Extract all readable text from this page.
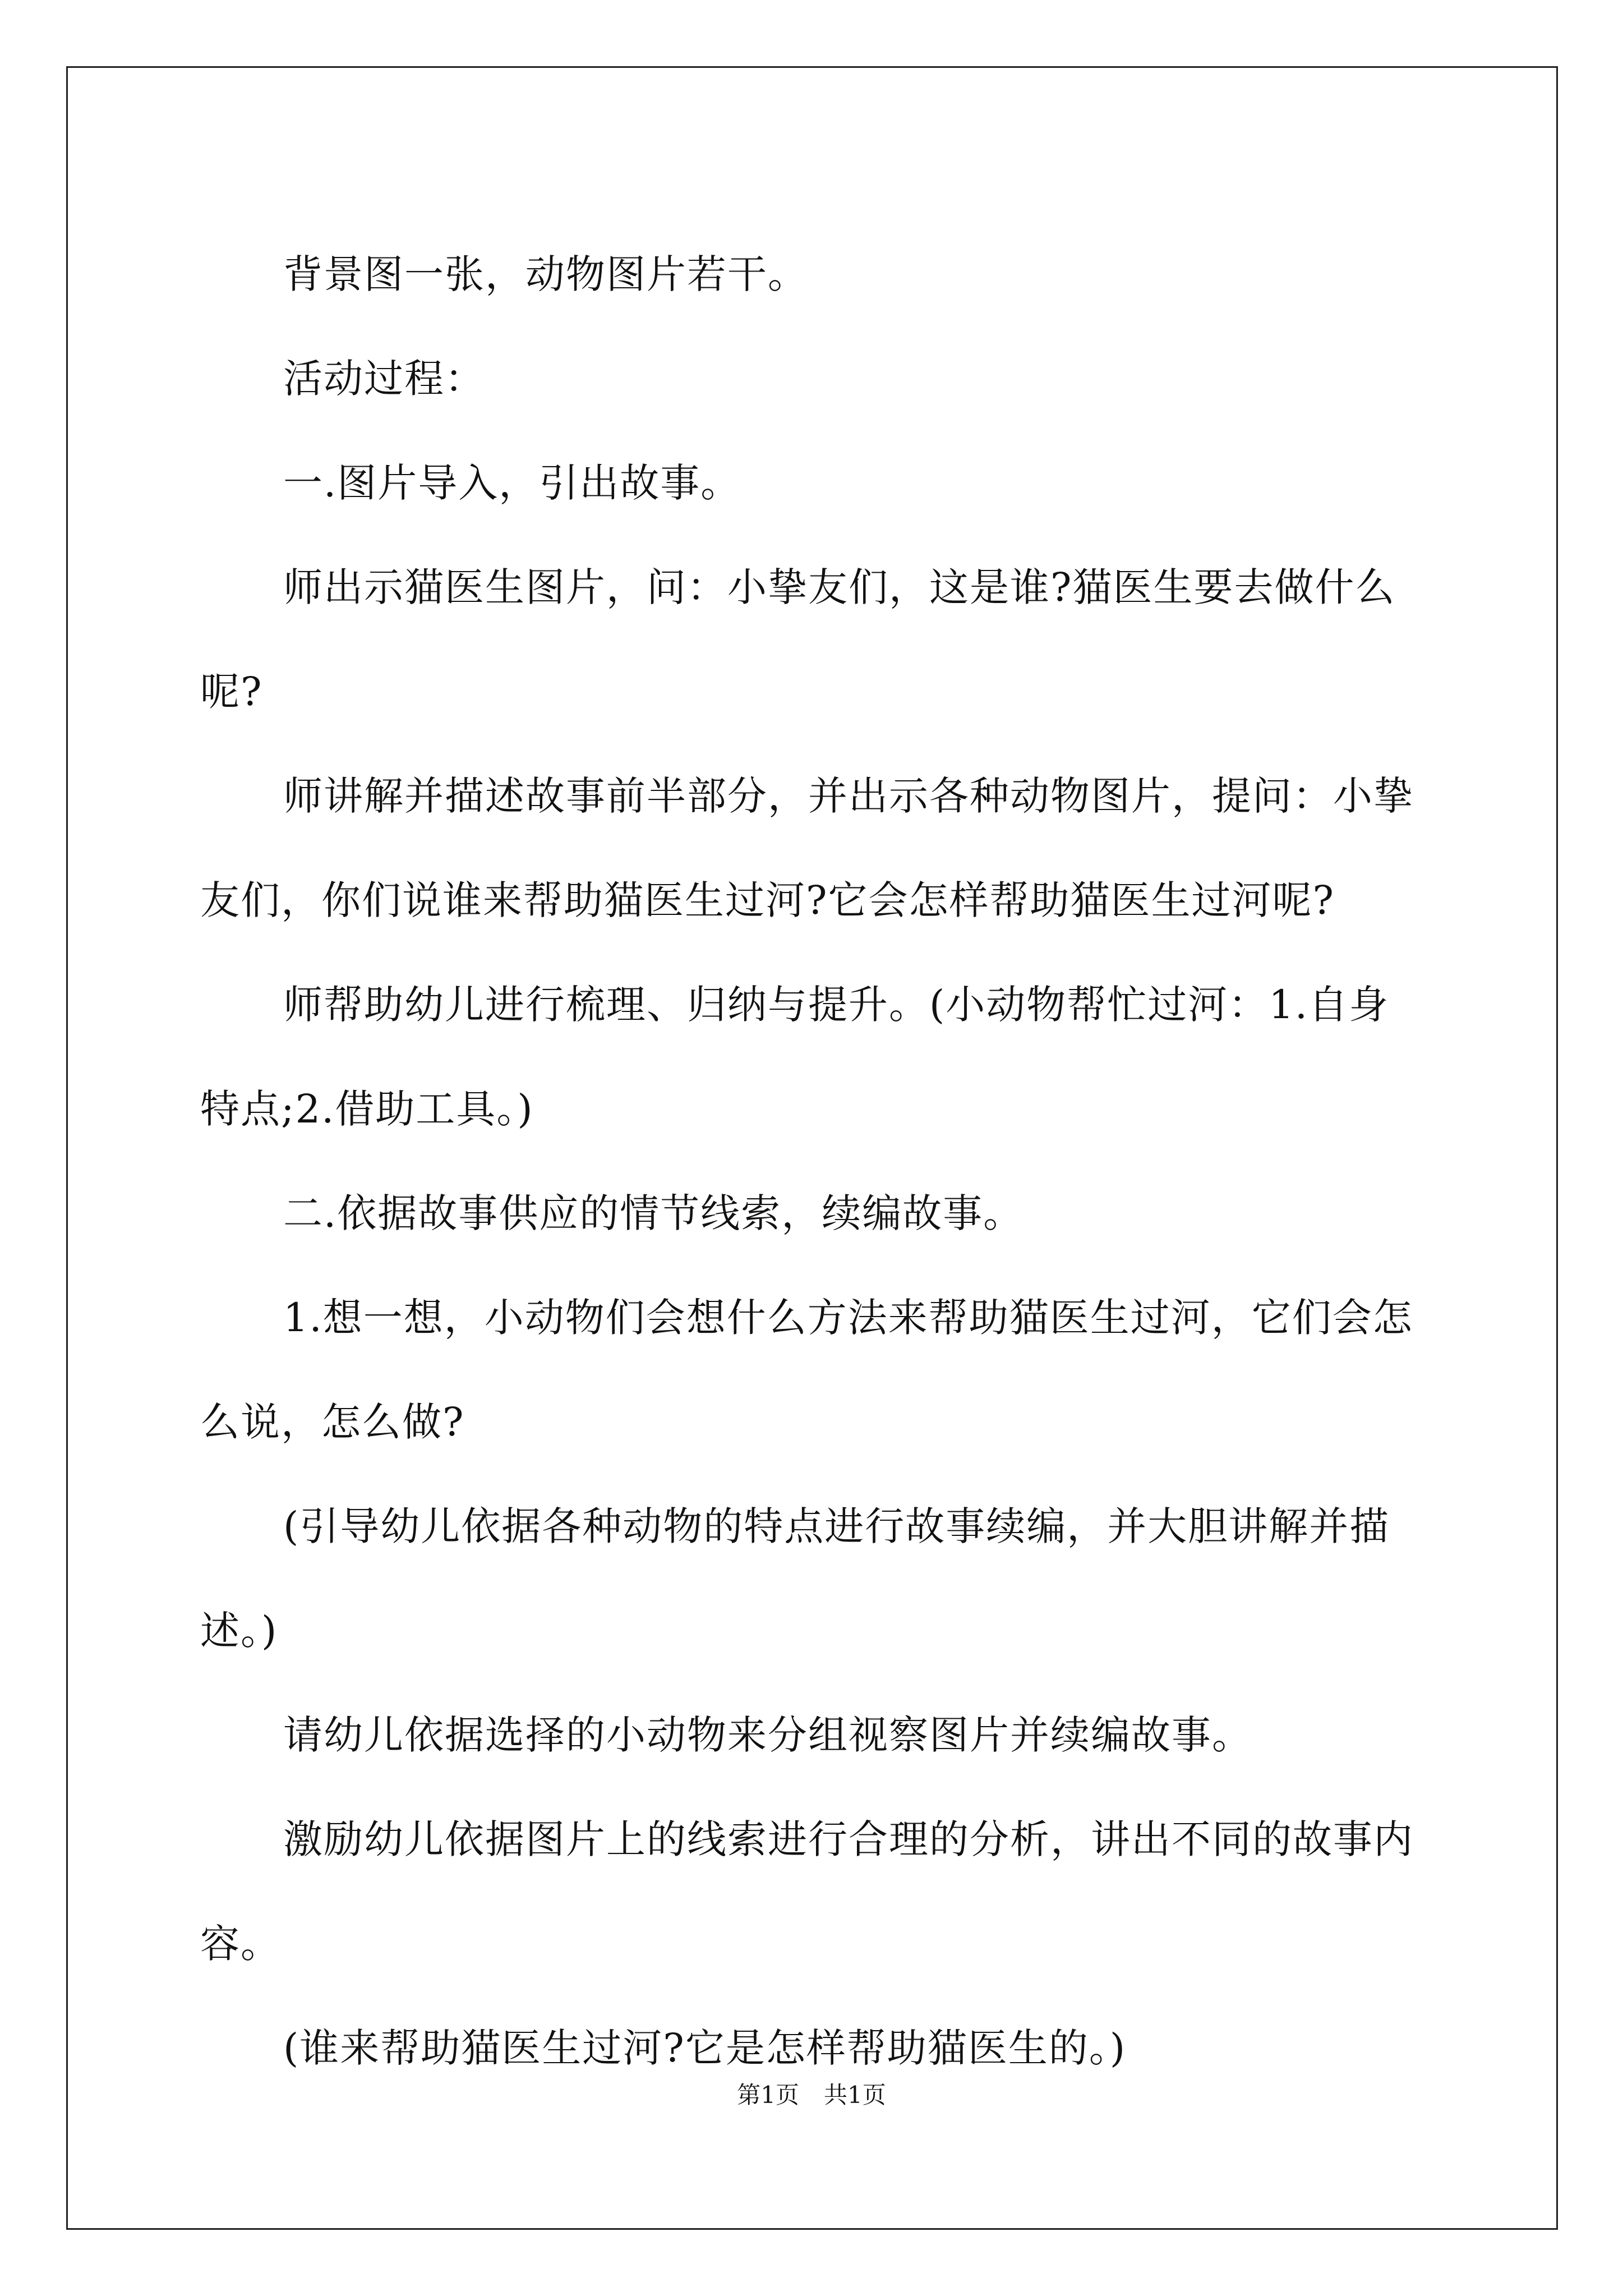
背景图一张，动物图片若干。

活动过程：

一.图片导入，引出故事。

师出示猫医生图片，问：小挚友们，这是谁?猫医生要去做什么呢?

师讲解并描述故事前半部分，并出示各种动物图片，提问：小挚友们，你们说谁来帮助猫医生过河?它会怎样帮助猫医生过河呢?

师帮助幼儿进行梳理、归纳与提升。(小动物帮忙过河：1.自身特点;2.借助工具。)

二.依据故事供应的情节线索，续编故事。

1.想一想，小动物们会想什么方法来帮助猫医生过河，它们会怎么说，怎么做?

(引导幼儿依据各种动物的特点进行故事续编，并大胆讲解并描述。)

请幼儿依据选择的小动物来分组视察图片并续编故事。

激励幼儿依据图片上的线索进行合理的分析，讲出不同的故事内容。

(谁来帮助猫医生过河?它是怎样帮助猫医生的。)

第1页 共1页
